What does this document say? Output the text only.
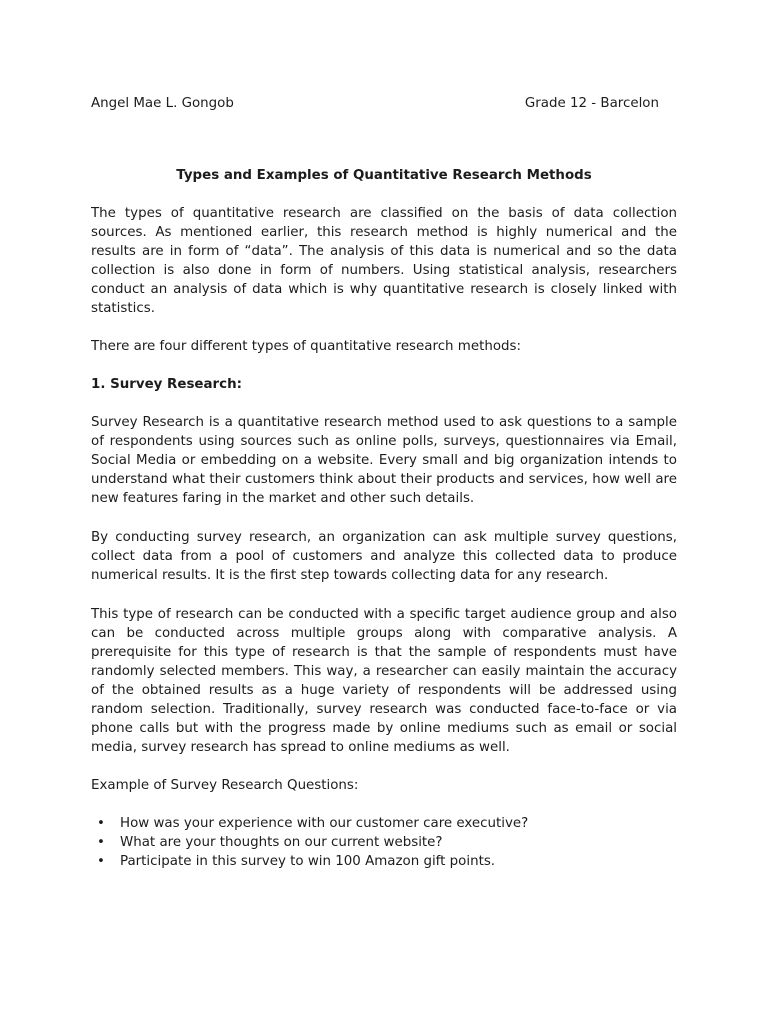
Angel Mae L. Gongob	Grade 12 - Barcelon
Types and Examples of Quantitative Research Methods

The types of quantitative research are classified on the basis of data collection sources. As mentioned earlier, this research method is highly numerical and the results are in form of “data”. The analysis of this data is numerical and so the data collection is also done in form of numbers. Using statistical analysis, researchers conduct an analysis of data which is why quantitative research is closely linked with statistics.

There are four different types of quantitative research methods:

1. Survey Research:

Survey Research is a quantitative research method used to ask questions to a sample of respondents using sources such as online polls, surveys, questionnaires via Email, Social Media or embedding on a website. Every small and big organization intends to understand what their customers think about their products and services, how well are new features faring in the market and other such details.

By conducting survey research, an organization can ask multiple survey questions, collect data from a pool of customers and analyze this collected data to produce numerical results. It is the first step towards collecting data for any research.

This type of research can be conducted with a specific target audience group and also can be conducted across multiple groups along with comparative analysis. A prerequisite for this type of research is that the sample of respondents must have randomly selected members. This way, a researcher can easily maintain the accuracy of the obtained results as a huge variety of respondents will be addressed using random selection. Traditionally, survey research was conducted face-to-face or via phone calls but with the progress made by online mediums such as email or social media, survey research has spread to online mediums as well.

Example of Survey Research Questions:

• How was your experience with our customer care executive?
• What are your thoughts on our current website?
• Participate in this survey to win 100 Amazon gift points.
